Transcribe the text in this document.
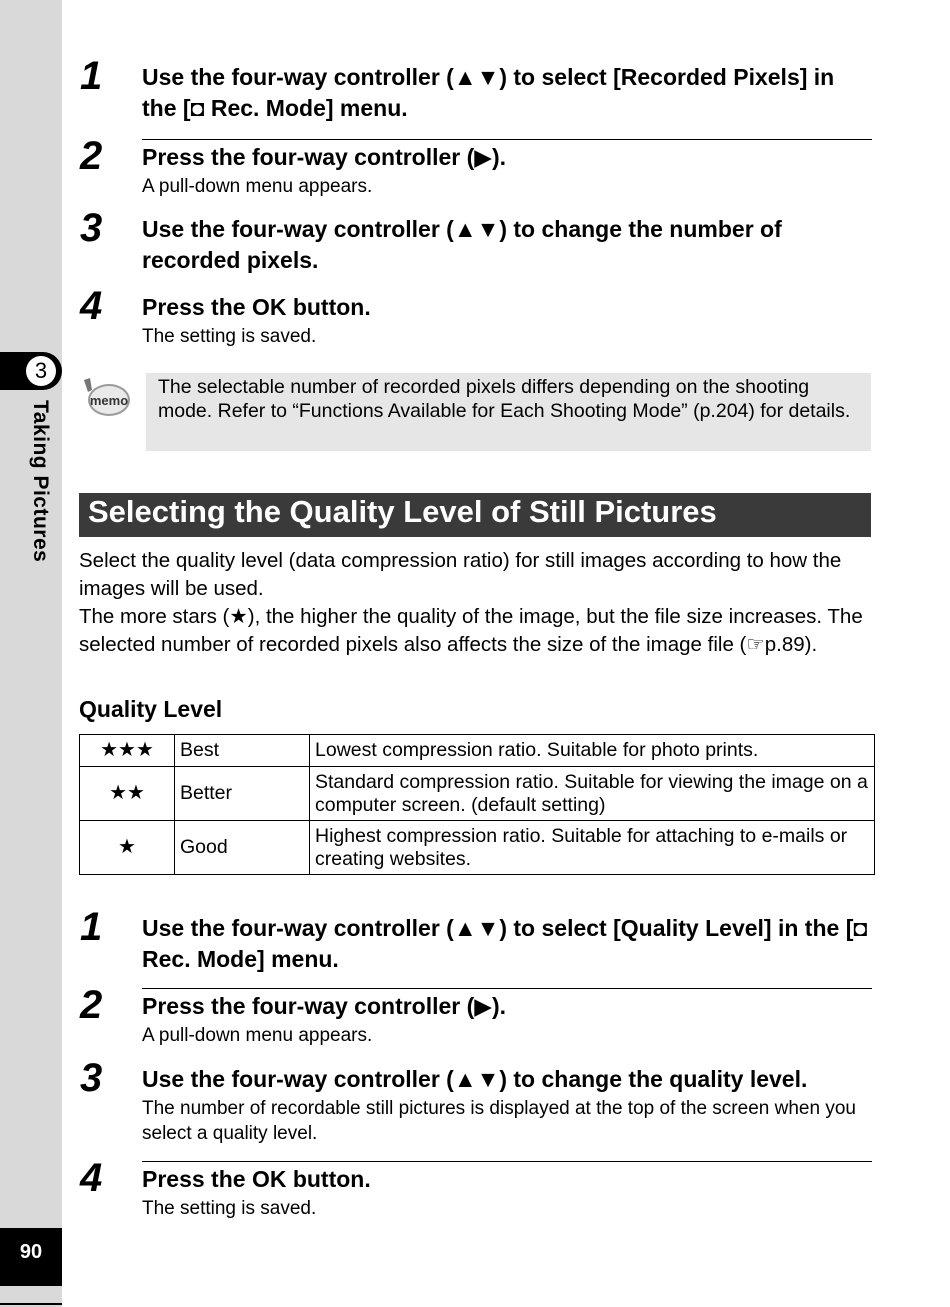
3
Taking Pictures
90
1 Use the four-way controller (▲▼) to select [Recorded Pixels] in the [◘ Rec. Mode] menu.
2 Press the four-way controller (▶).
A pull-down menu appears.
3 Use the four-way controller (▲▼) to change the number of recorded pixels.
4 Press the OK button.
The setting is saved.
memo
The selectable number of recorded pixels differs depending on the shooting mode. Refer to “Functions Available for Each Shooting Mode” (p.204) for details.
Selecting the Quality Level of Still Pictures
Select the quality level (data compression ratio) for still images according to how the images will be used.
The more stars (★), the higher the quality of the image, but the file size increases. The selected number of recorded pixels also affects the size of the image file (☞p.89).
Quality Level
★★★	Best	Lowest compression ratio. Suitable for photo prints.
★★	Better	Standard compression ratio. Suitable for viewing the image on a computer screen. (default setting)
★	Good	Highest compression ratio. Suitable for attaching to e-mails or creating websites.
1 Use the four-way controller (▲▼) to select [Quality Level] in the [◘ Rec. Mode] menu.
2 Press the four-way controller (▶).
A pull-down menu appears.
3 Use the four-way controller (▲▼) to change the quality level.
The number of recordable still pictures is displayed at the top of the screen when you select a quality level.
4 Press the OK button.
The setting is saved.
